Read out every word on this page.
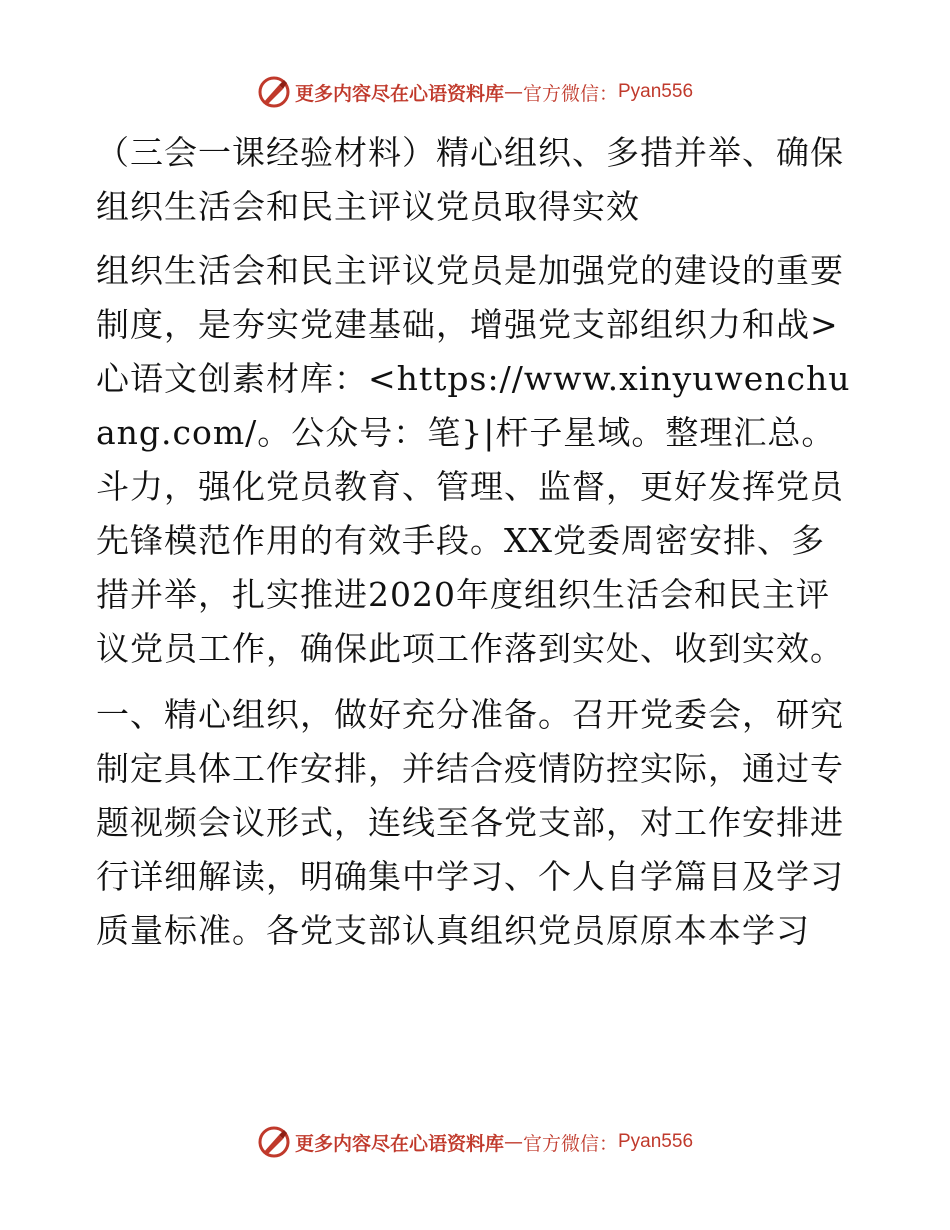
更多内容尽在心语资料库 — 官方微信： Pyan556
（三会一课经验材料）精心组织、多措并举、确保组织生活会和民主评议党员取得实效

组织生活会和民主评议党员是加强党的建设的重要制度，是夯实党建基础，增强党支部组织力和战>心语文创素材库：<https://www.xinyuwenchuang.com/。公众号：笔}|杆子星域。整理汇总。斗力，强化党员教育、管理、监督，更好发挥党员先锋模范作用的有效手段。XX党委周密安排、多措并举，扎实推进2020年度组织生活会和民主评议党员工作，确保此项工作落到实处、收到实效。

一、精心组织，做好充分准备。召开党委会，研究制定具体工作安排，并结合疫情防控实际，通过专题视频会议形式，连线至各党支部，对工作安排进行详细解读，明确集中学习、个人自学篇目及学习质量标准。各党支部认真组织党员原原本本学习

更多内容尽在心语资料库 — 官方微信： Pyan556
